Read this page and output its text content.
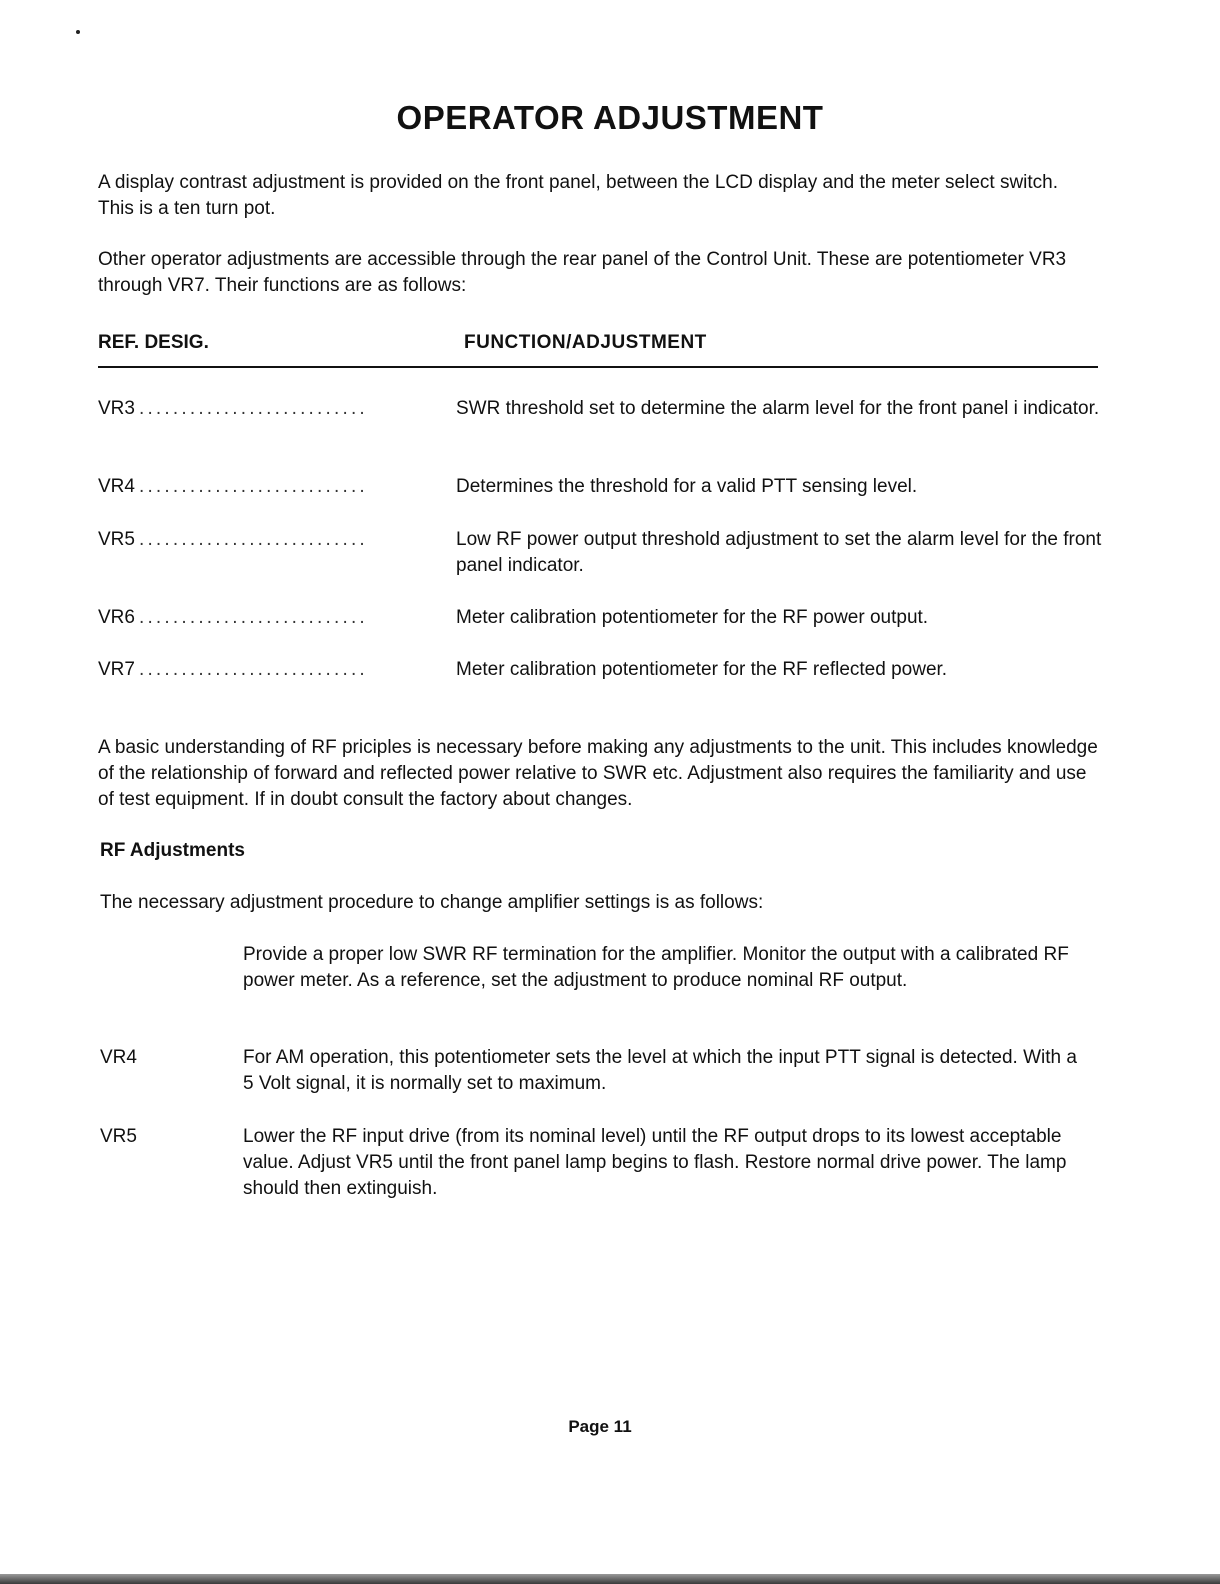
OPERATOR ADJUSTMENT

A display contrast adjustment is provided on the front panel, between the LCD display and the meter select switch. This is a ten turn pot.

Other operator adjustments are accessible through the rear panel of the Control Unit. These are potentiometer VR3 through VR7. Their functions are as follows:

REF. DESIG.	FUNCTION/ADJUSTMENT
VR3 ...........................	SWR threshold set to determine the alarm level for the front panel i indicator.
VR4 ...........................	Determines the threshold for a valid PTT sensing level.
VR5 ...........................	Low RF power output threshold adjustment to set the alarm level for the front panel indicator.
VR6 ...........................	Meter calibration potentiometer for the RF power output.
VR7 ...........................	Meter calibration potentiometer for the RF reflected power.

A basic understanding of RF priciples is necessary before making any adjustments to the unit. This includes knowledge of the relationship of forward and reflected power relative to SWR etc. Adjustment also requires the familiarity and use of test equipment. If in doubt consult the factory about changes.

RF Adjustments

The necessary adjustment procedure to change amplifier settings is as follows:

Provide a proper low SWR RF termination for the amplifier. Monitor the output with a calibrated RF power meter. As a reference, set the adjustment to produce nominal RF output.
VR4	For AM operation, this potentiometer sets the level at which the input PTT signal is detected. With a 5 Volt signal, it is normally set to maximum.
VR5	Lower the RF input drive (from its nominal level) until the RF output drops to its lowest acceptable value. Adjust VR5 until the front panel lamp begins to flash. Restore normal drive power. The lamp should then extinguish.
Page 11
